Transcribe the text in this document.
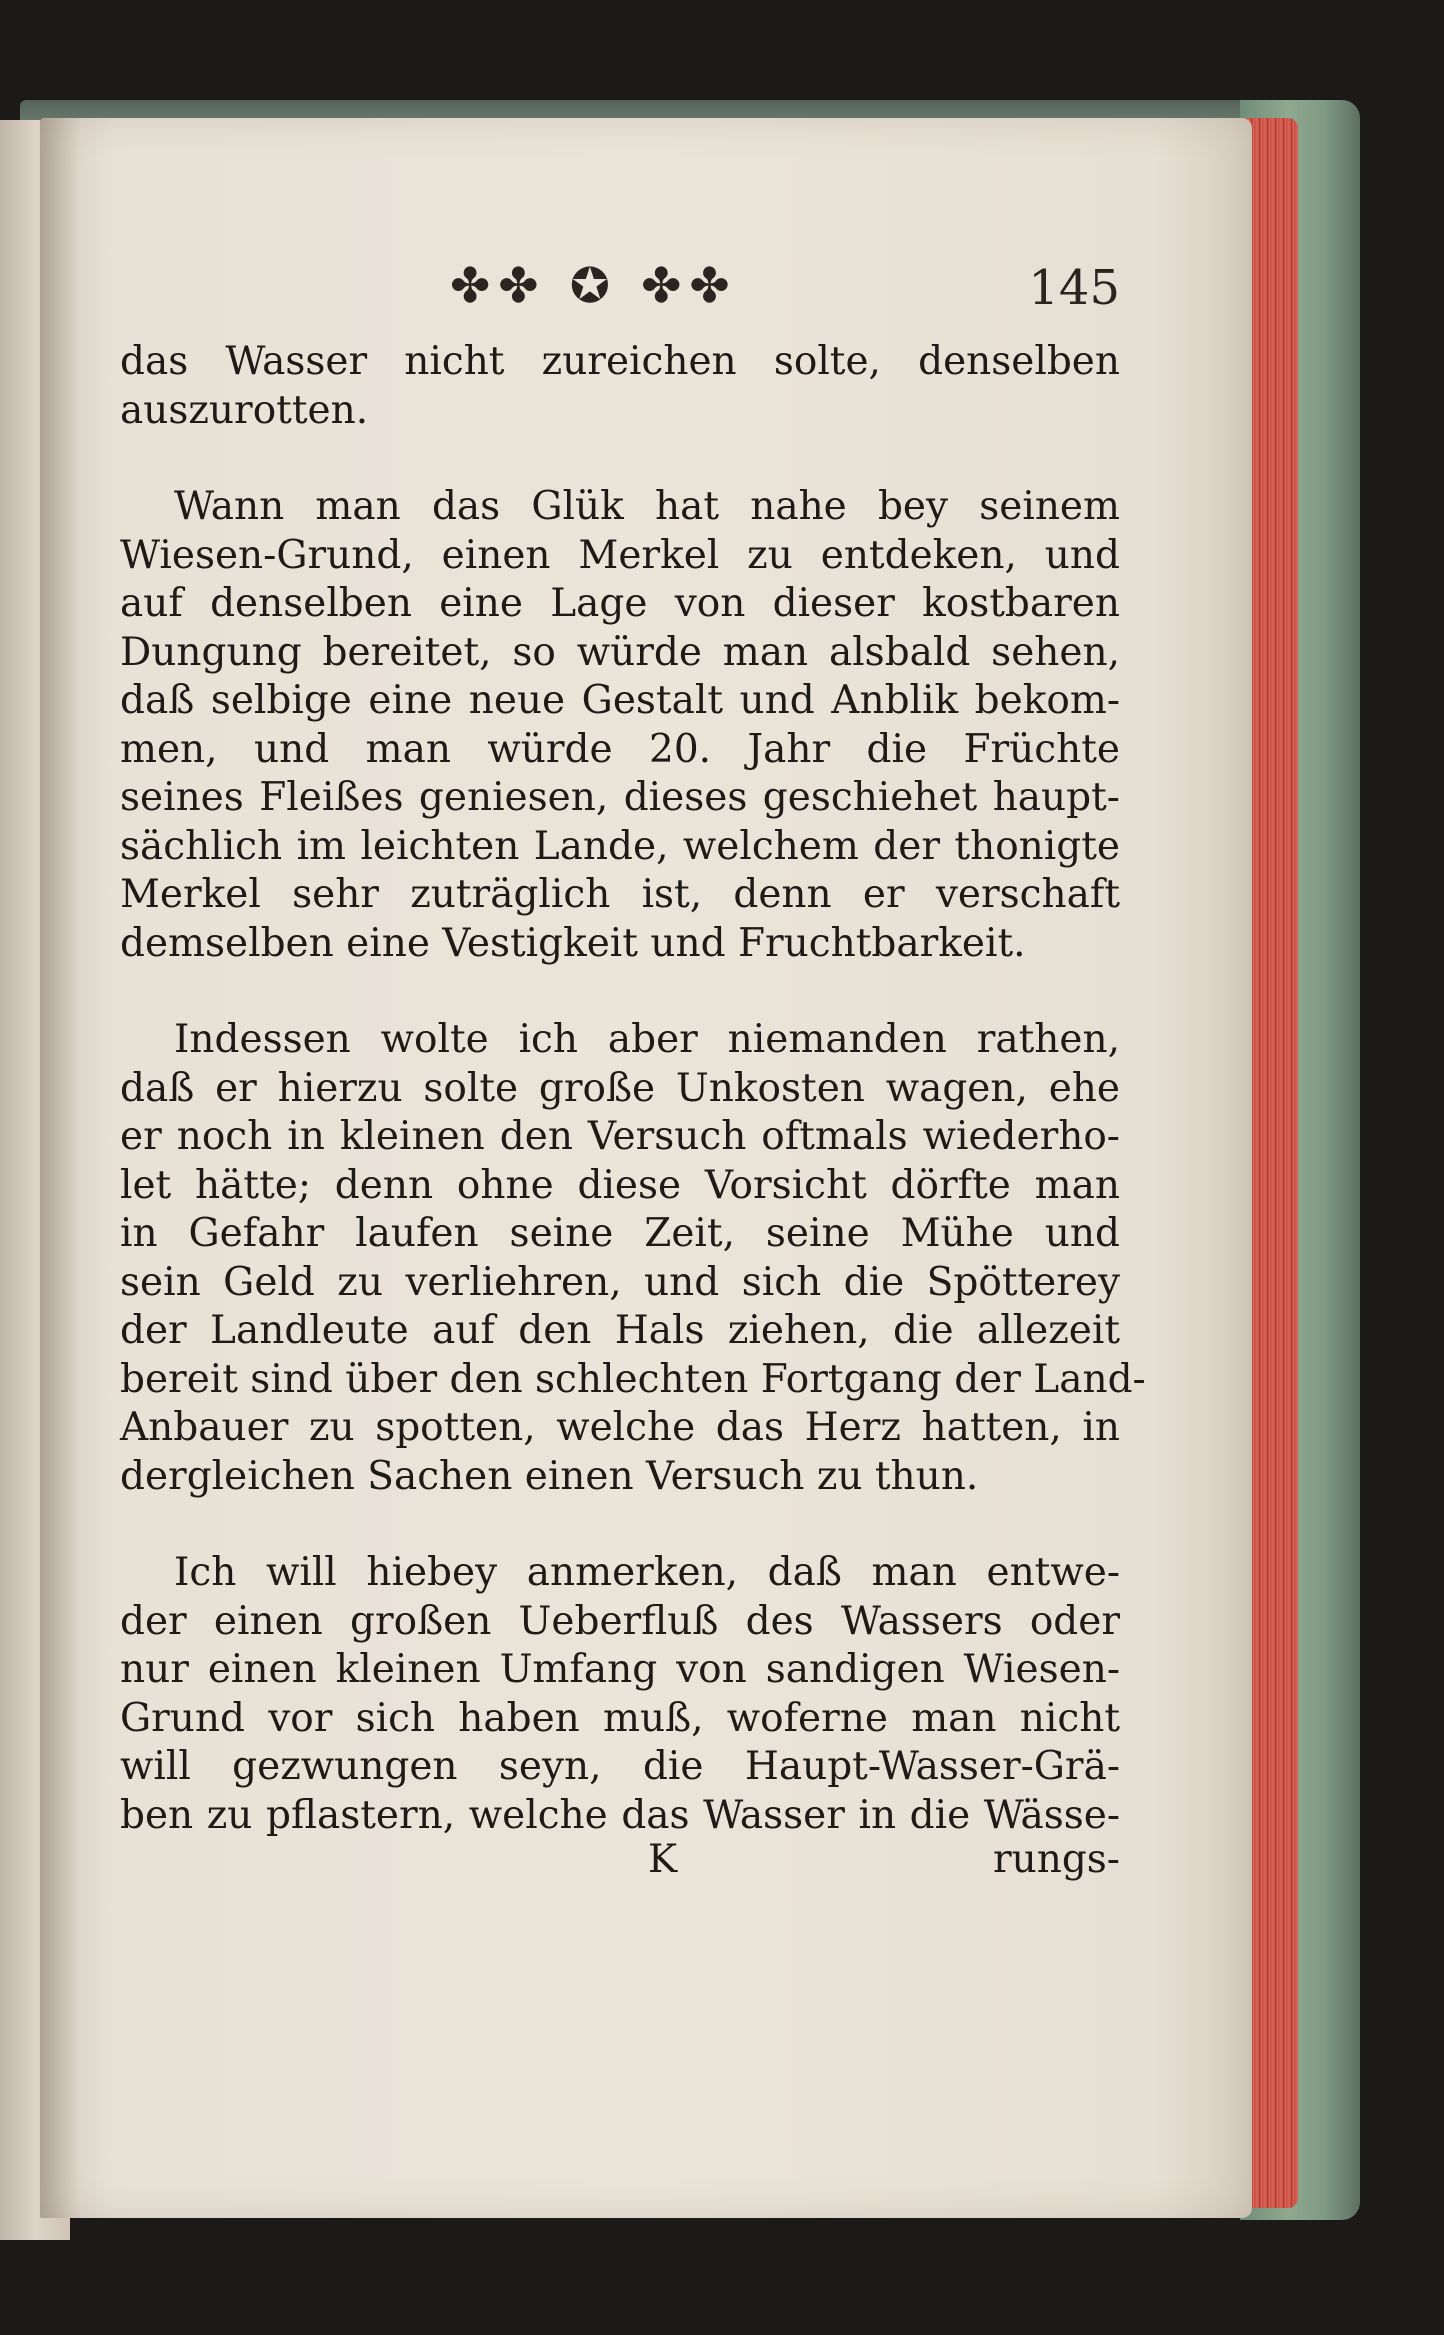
✤✤ ✪ ✤✤	145
das Wasser nicht zureichen solte, denselben
auszurotten.
Wann man das Glük hat nahe bey seinem
Wiesen-Grund, einen Merkel zu entdeken, und
auf denselben eine Lage von dieser kostbaren
Dungung bereitet, so würde man alsbald sehen,
daß selbige eine neue Gestalt und Anblik bekom-
men, und man würde 20. Jahr die Früchte
seines Fleißes geniesen, dieses geschiehet haupt-
sächlich im leichten Lande, welchem der thonigte
Merkel sehr zuträglich ist, denn er verschaft
demselben eine Vestigkeit und Fruchtbarkeit.
Indessen wolte ich aber niemanden rathen,
daß er hierzu solte große Unkosten wagen, ehe
er noch in kleinen den Versuch oftmals wiederho-
let hätte; denn ohne diese Vorsicht dörfte man
in Gefahr laufen seine Zeit, seine Mühe und
sein Geld zu verliehren, und sich die Spötterey
der Landleute auf den Hals ziehen, die allezeit
bereit sind über den schlechten Fortgang der Land-
Anbauer zu spotten, welche das Herz hatten, in
dergleichen Sachen einen Versuch zu thun.
Ich will hiebey anmerken, daß man entwe-
der einen großen Ueberfluß des Wassers oder
nur einen kleinen Umfang von sandigen Wiesen-
Grund vor sich haben muß, woferne man nicht
will gezwungen seyn, die Haupt-Wasser-Grä-
ben zu pflastern, welche das Wasser in die Wässe-
K	rungs-
